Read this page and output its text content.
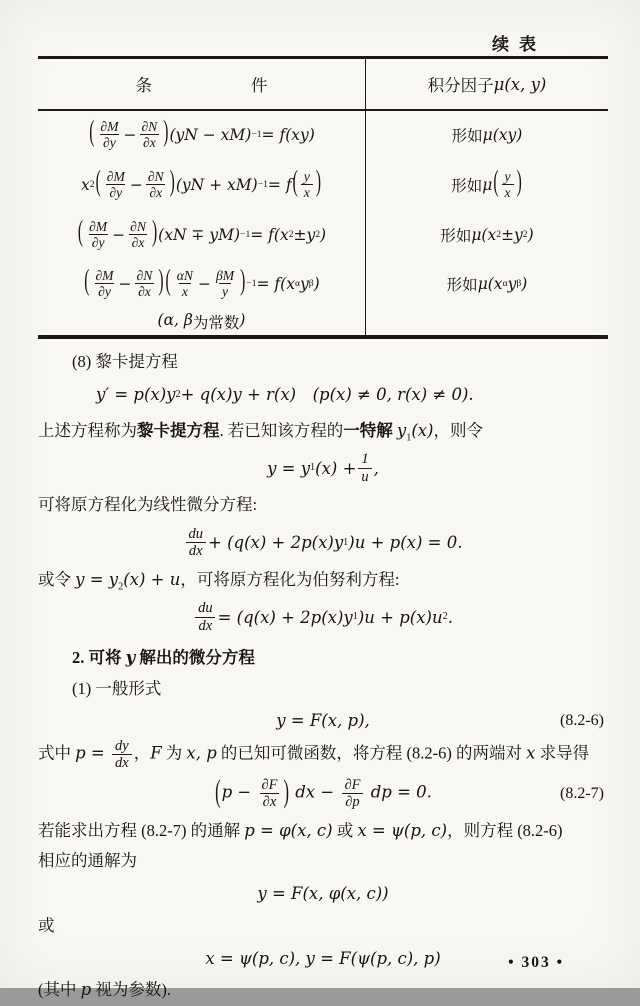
续表
条　　　　　　件	积分因子 μ(x, y)
( $\frac{\partial M}{\partial y} - \frac{\partial N}{\partial x}$ ) (yN − xM) −1 = f(xy)	形如 μ(xy)
x 2 ( $\frac{\partial M}{\partial y} - \frac{\partial N}{\partial x}$ ) (yN + xM) −1 = f ( $\frac{y}{x}$ )	形如 μ ( $\frac{y}{x}$ )
( $\frac{\partial M}{\partial y} - \frac{\partial N}{\partial x}$ ) (xN ∓ yM) −1 = f(x 2 ±y 2 )	形如 μ(x 2 ±y 2 )
( $\frac{\partial M}{\partial y} - \frac{\partial N}{\partial x}$ ) ( $\frac{\alpha N}{x} - \frac{\beta M}{y}$ ) −1 = f(x α y β )	形如 μ(x α y β )
(α, β 为常数 )

(8) 黎卡提方程

y′ = p(x)y 2 + q(x)y + r(x)
　 (p(x) ≠ 0, r(x) ≠ 0).

上述方程称为黎卡提方程. 若已知该方程的一特解 $y_1(x)$，则令

y = y 1 $(x) + \frac{1}{u}$ ,

可将原方程化为线性微分方程:

$\frac{du}{dx} + (q(x) + 2p(x)y$ 1 )u + p(x) = 0.

或令 $y = y_2(x) + u$，可将原方程化为伯努利方程:

$\frac{du}{dx} = (q(x) + 2p(x)y$ 1 )u + p(x)u 2 .

2. 可将 y 解出的微分方程

(1) 一般形式

y = F(x, p),	(8.2-6)

式中 $p = \frac{dy}{dx}$ ，F 为 x, p 的已知可微函数，将方程 (8.2-6) 的两端对 x 求导得

($p - \frac{\partial F}{\partial x}$ ) dx − $\frac{\partial F}{\partial p}$ dp = 0.	(8.2-7)

若能求出方程 (8.2-7) 的通解 p = φ(x, c) 或 x = ψ(p, c)，则方程 (8.2-6)

相应的通解为

y = F(x, φ(x, c))

或

x = ψ(p, c), y = F(ψ(p, c), p)

(其中 p 视为参数).

• 303 •
